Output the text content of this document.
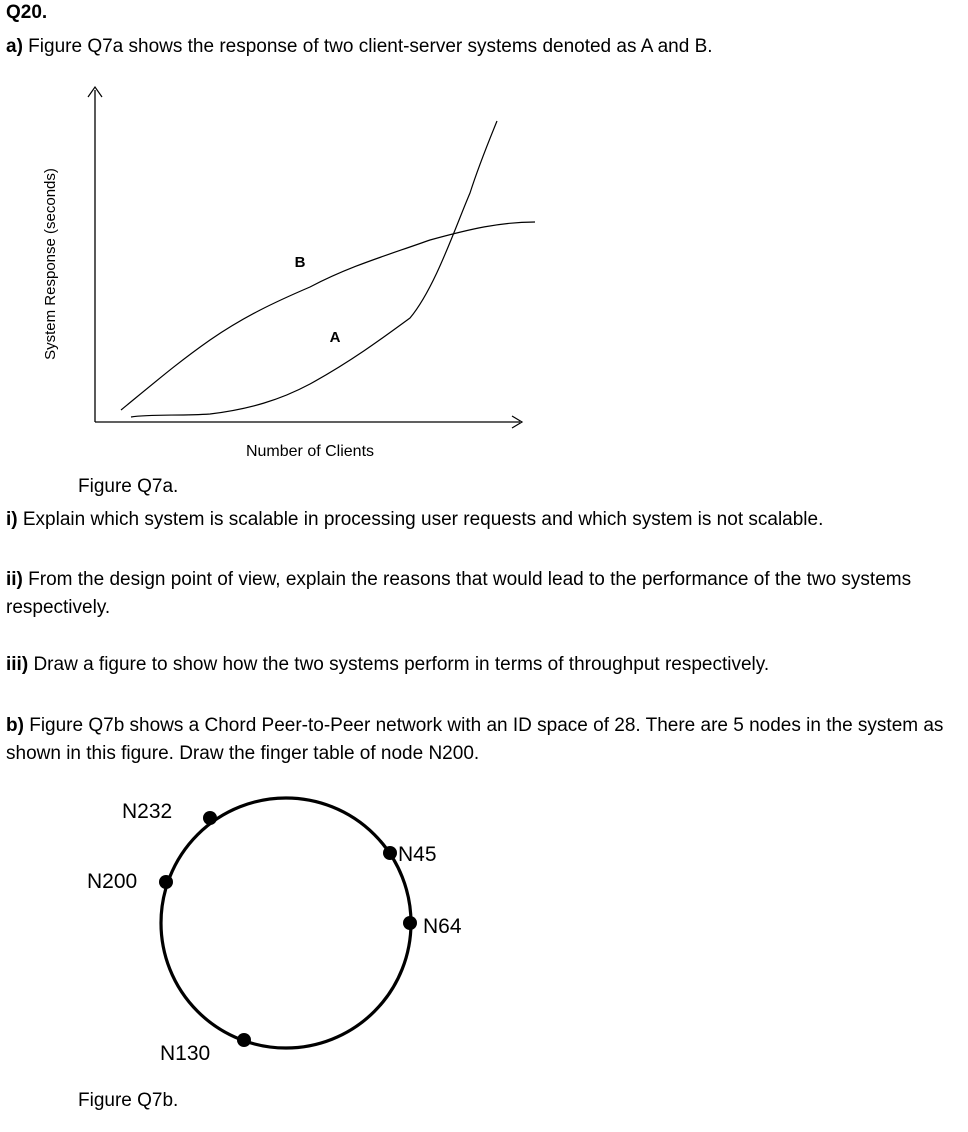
Q20.

a) Figure Q7a shows the response of two client-server systems denoted as A and B.

B
A
Number of Clients
System Response (seconds)
Figure Q7a.

i) Explain which system is scalable in processing user requests and which system is not scalable.

ii) From the design point of view, explain the reasons that would lead to the performance of the two systems respectively.

iii) Draw a figure to show how the two systems perform in terms of throughput respectively.

b) Figure Q7b shows a Chord Peer-to-Peer network with an ID space of 28. There are 5 nodes in the system as shown in this figure. Draw the finger table of node N200.

N232
N45
N200
N64
N130
Figure Q7b.
